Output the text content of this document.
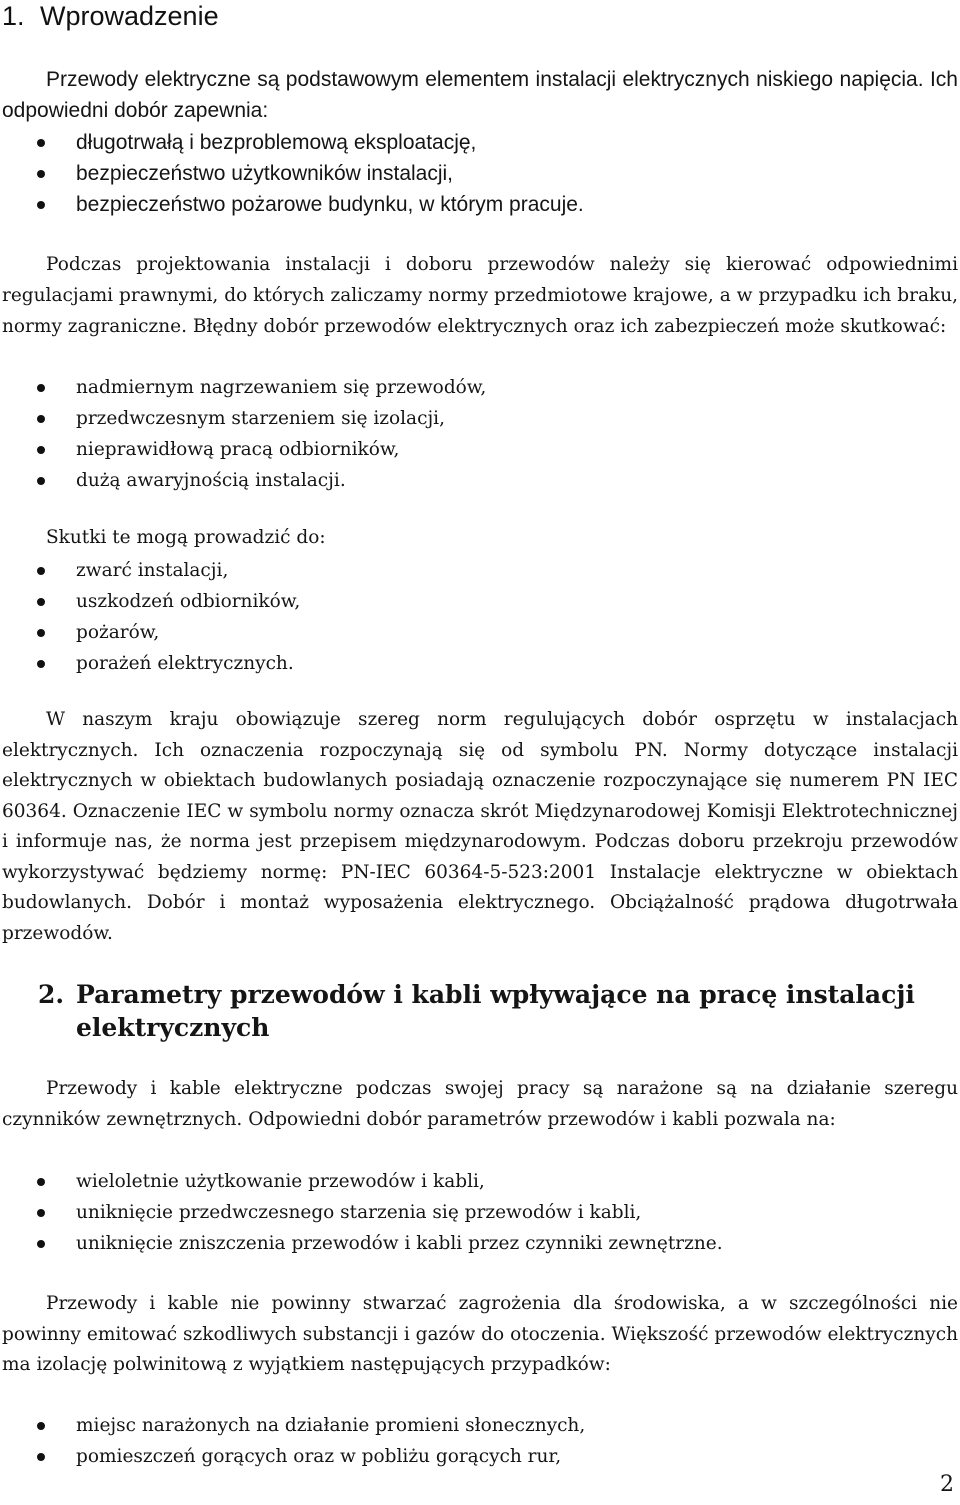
1. Wprowadzenie

Przewody elektryczne są podstawowym elementem instalacji elektrycznych niskiego napięcia. Ich odpowiedni dobór zapewnia:

długotrwałą i bezproblemową eksploatację,
bezpieczeństwo użytkowników instalacji,
bezpieczeństwo pożarowe budynku, w którym pracuje.

Podczas projektowania instalacji i doboru przewodów należy się kierować odpowiednimi regulacjami prawnymi, do których zaliczamy normy przedmiotowe krajowe, a w przypadku ich braku, normy zagraniczne. Błędny dobór przewodów elektrycznych oraz ich zabezpieczeń może skutkować:

nadmiernym nagrzewaniem się przewodów,
przedwczesnym starzeniem się izolacji,
nieprawidłową pracą odbiorników,
dużą awaryjnością instalacji.

Skutki te mogą prowadzić do:

zwarć instalacji,
uszkodzeń odbiorników,
pożarów,
porażeń elektrycznych.

W naszym kraju obowiązuje szereg norm regulujących dobór osprzętu w instalacjach elektrycznych. Ich oznaczenia rozpoczynają się od symbolu PN. Normy dotyczące instalacji elektrycznych w obiektach budowlanych posiadają oznaczenie rozpoczynające się numerem PN IEC 60364. Oznaczenie IEC w symbolu normy oznacza skrót Międzynarodowej Komisji Elektrotechnicznej i informuje nas, że norma jest przepisem międzynarodowym. Podczas doboru przekroju przewodów wykorzystywać będziemy normę: PN-IEC 60364-5-523:2001 Instalacje elektryczne w obiektach budowlanych. Dobór i montaż wyposażenia elektrycznego. Obciążalność prądowa długotrwała przewodów.

2. Parametry przewodów i kabli wpływające na pracę instalacji elektrycznych

Przewody i kable elektryczne podczas swojej pracy są narażone są na działanie szeregu czynników zewnętrznych. Odpowiedni dobór parametrów przewodów i kabli pozwala na:

wieloletnie użytkowanie przewodów i kabli,
uniknięcie przedwczesnego starzenia się przewodów i kabli,
uniknięcie zniszczenia przewodów i kabli przez czynniki zewnętrzne.

Przewody i kable nie powinny stwarzać zagrożenia dla środowiska, a w szczególności nie powinny emitować szkodliwych substancji i gazów do otoczenia. Większość przewodów elektrycznych ma izolację polwinitową z wyjątkiem następujących przypadków:

miejsc narażonych na działanie promieni słonecznych,
pomieszczeń gorących oraz w pobliżu gorących rur,
2
